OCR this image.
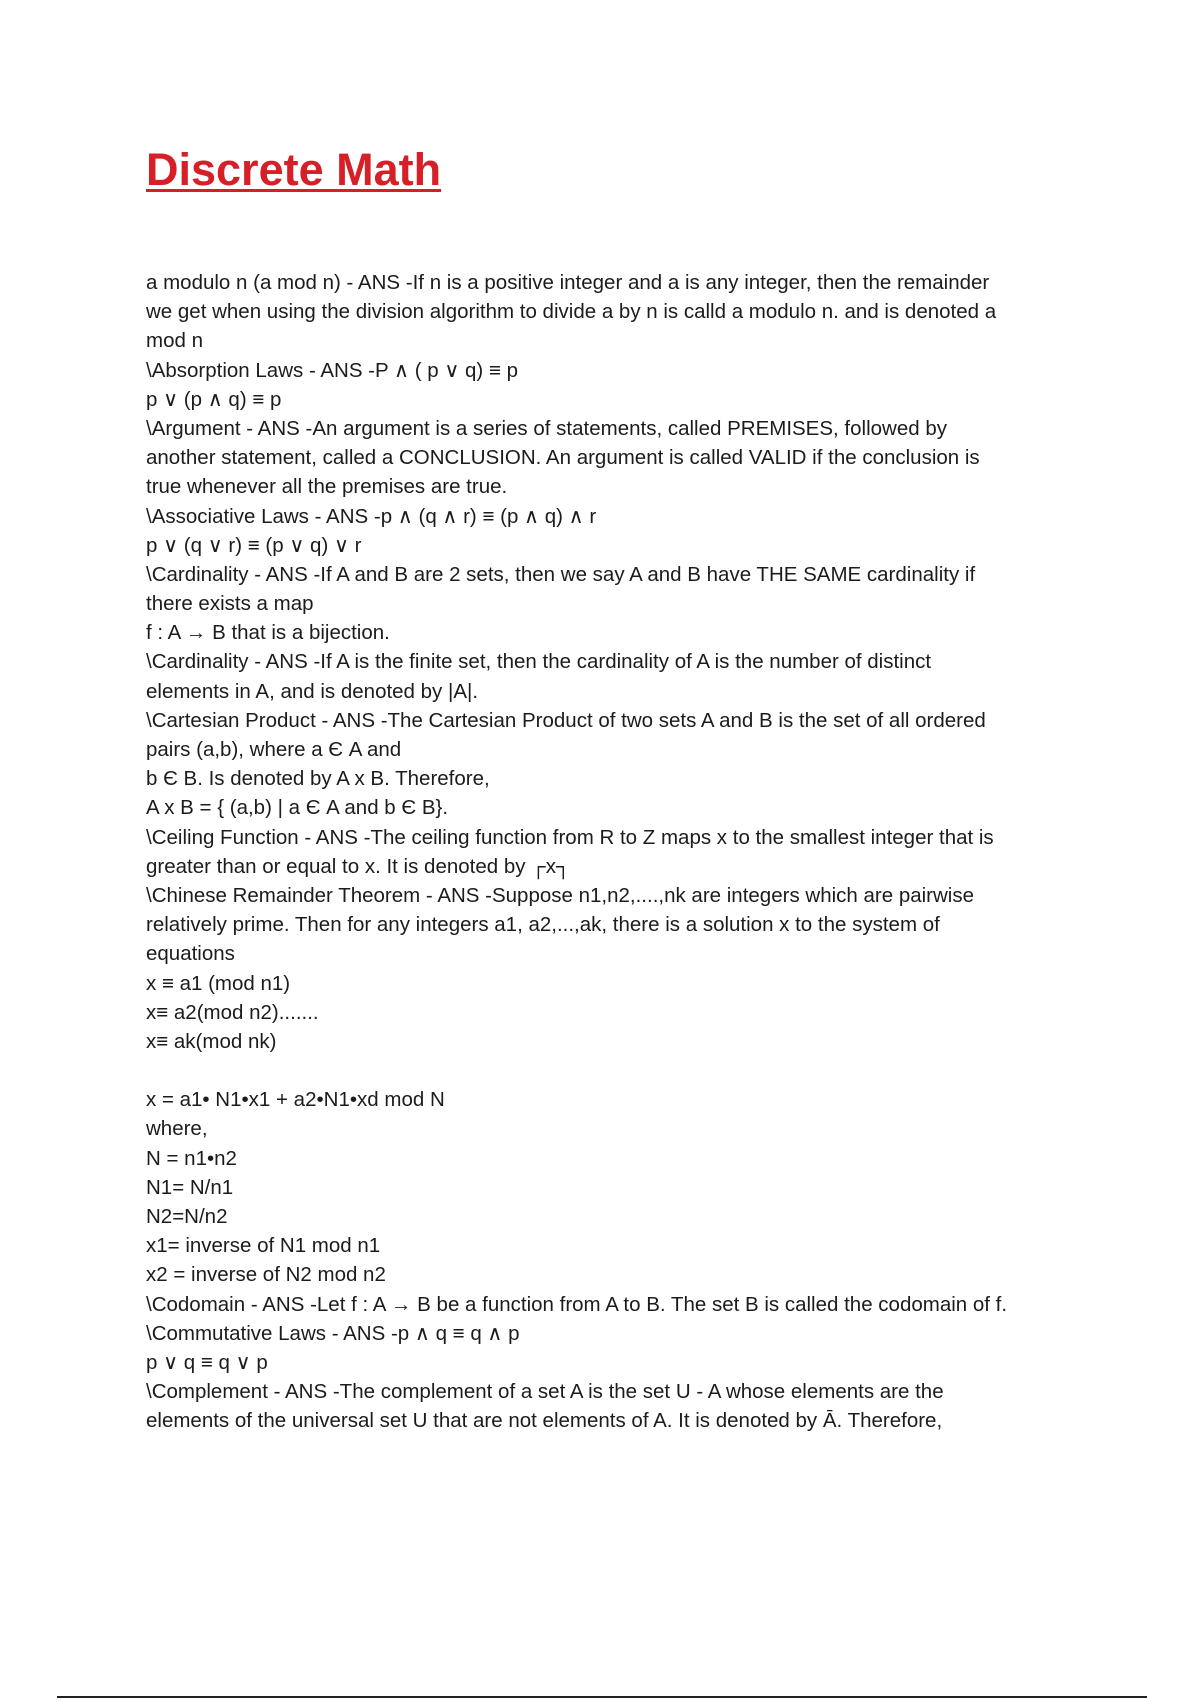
Discrete Math
a modulo n (a mod n) - ANS -If n is a positive integer and a is any integer, then the remainder
we get when using the division algorithm to divide a by n is calld a modulo n. and is denoted a
mod n
\Absorption Laws - ANS -P ∧ ( p ∨ q) ≡ p
p ∨ (p ∧ q) ≡ p
\Argument - ANS -An argument is a series of statements, called PREMISES, followed by
another statement, called a CONCLUSION. An argument is called VALID if the conclusion is
true whenever all the premises are true.
\Associative Laws - ANS -p ∧ (q ∧ r) ≡ (p ∧ q) ∧ r
p ∨ (q ∨ r) ≡ (p ∨ q) ∨ r
\Cardinality - ANS -If A and B are 2 sets, then we say A and B have THE SAME cardinality if
there exists a map
f : A → B that is a bijection.
\Cardinality - ANS -If A is the finite set, then the cardinality of A is the number of distinct
elements in A, and is denoted by |A|.
\Cartesian Product - ANS -The Cartesian Product of two sets A and B is the set of all ordered
pairs (a,b), where a Є A and
b Є B. Is denoted by A x B. Therefore,
A x B = { (a,b) | a Є A and b Є B}.
\Ceiling Function - ANS -The ceiling function from R to Z maps x to the smallest integer that is
greater than or equal to x. It is denoted by ┌x┐
\Chinese Remainder Theorem - ANS -Suppose n1,n2,....,nk are integers which are pairwise
relatively prime. Then for any integers a1, a2,...,ak, there is a solution x to the system of
equations
x ≡ a1 (mod n1)
x≡ a2(mod n2).......
x≡ ak(mod nk)
x = a1• N1•x1 + a2•N1•xd mod N
where,
N = n1•n2
N1= N/n1
N2=N/n2
x1= inverse of N1 mod n1
x2 = inverse of N2 mod n2
\Codomain - ANS -Let f : A → B be a function from A to B. The set B is called the codomain of f.
\Commutative Laws - ANS -p ∧ q ≡ q ∧ p
p ∨ q ≡ q ∨ p
\Complement - ANS -The complement of a set A is the set U - A whose elements are the
elements of the universal set U that are not elements of A. It is denoted by Ā. Therefore,
